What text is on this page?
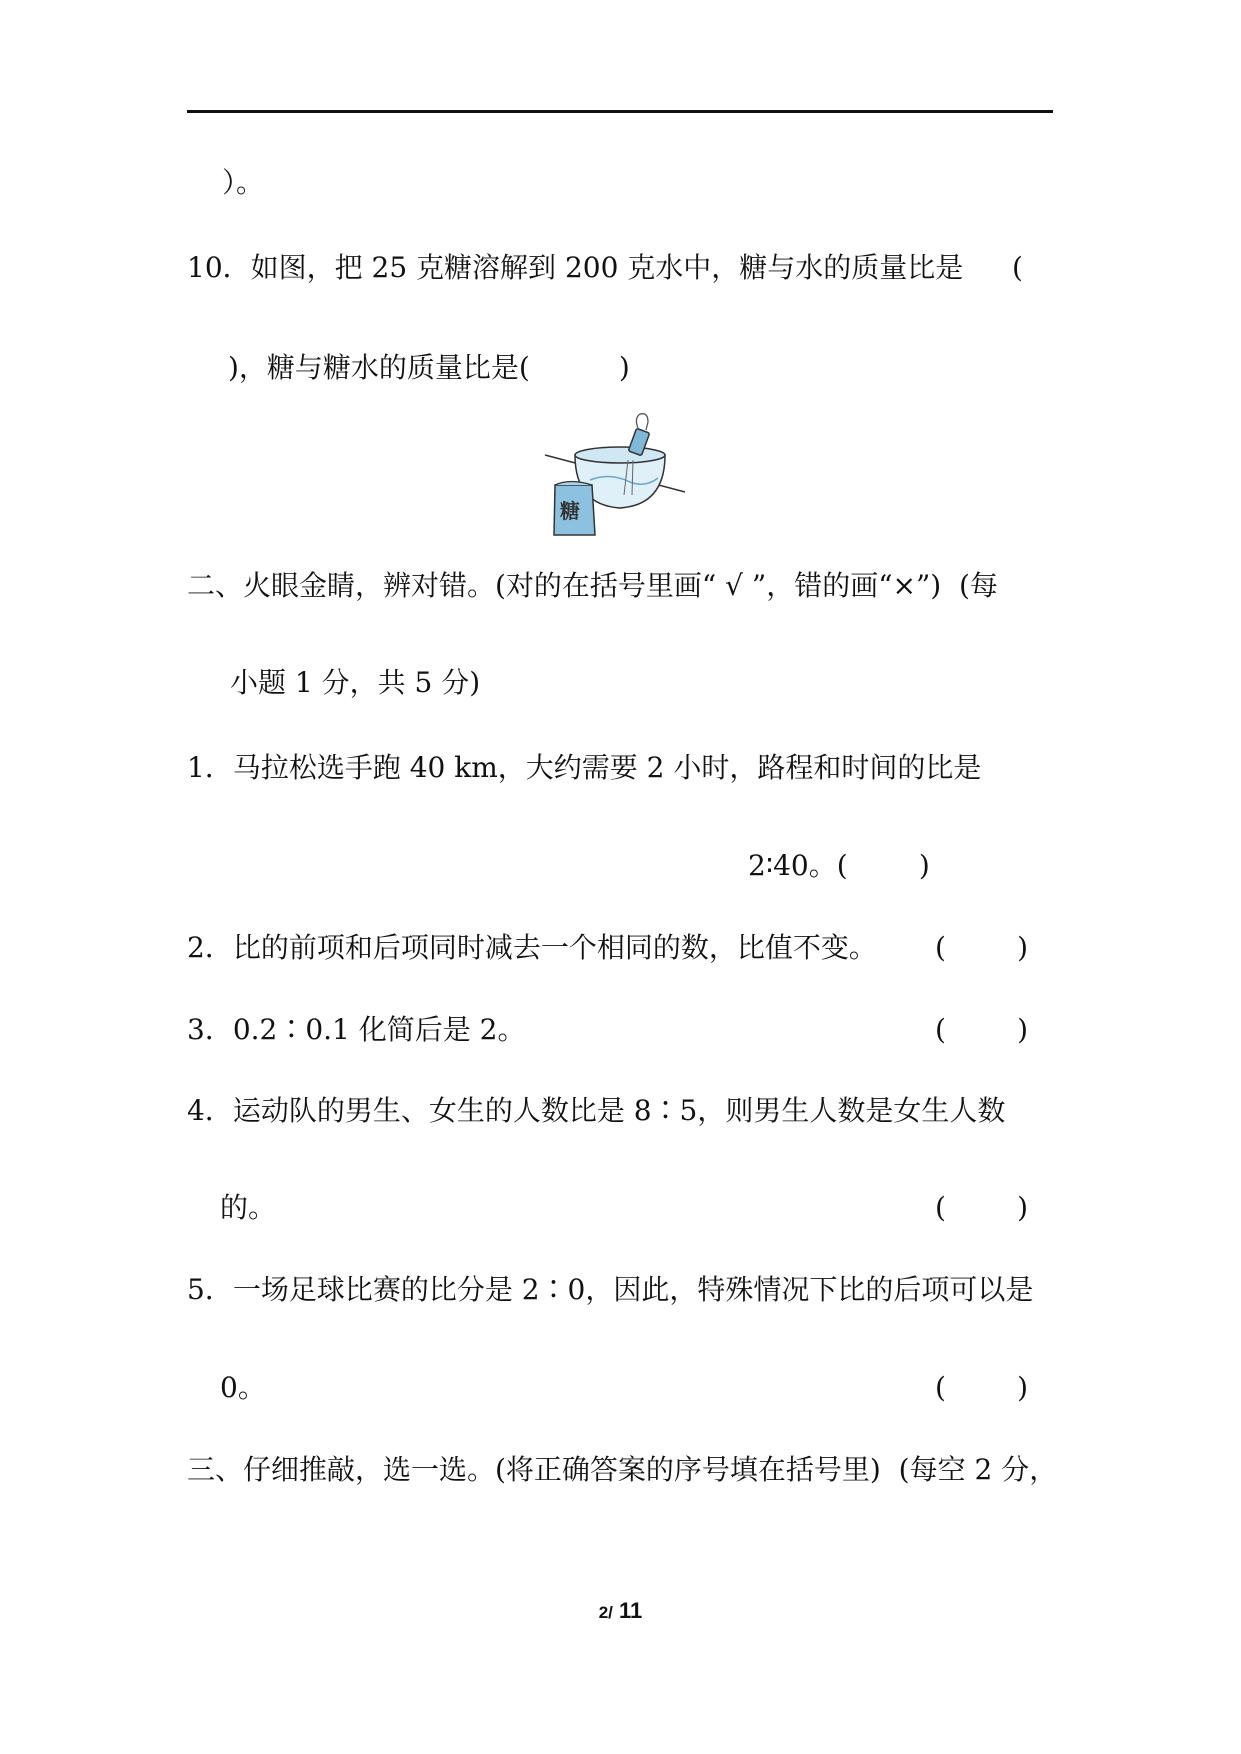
）。
10．如图，把 25 克糖溶解到 200 克水中，糖与水的质量比是 (
)，糖与糖水的质量比是(          )
糖
二、火眼金睛，辨对错。(对的在括号里画“ √ ”，错的画“×”)  (每
小题 1 分，共 5 分)
1．马拉松选手跑 40 km，大约需要 2 小时，路程和时间的比是
2∶40。(        )
2．比的前项和后项同时减去一个相同的数，比值不变。 (        )
3．0.2∶0.1 化简后是 2。	(        )
4．运动队的男生、女生的人数比是 8∶5，则男生人数是女生人数
的。	(        )
5．一场足球比赛的比分是 2∶0，因此，特殊情况下比的后项可以是
0。	(        )
三、仔细推敲，选一选。(将正确答案的序号填在括号里)  (每空 2 分，
2/ 11
